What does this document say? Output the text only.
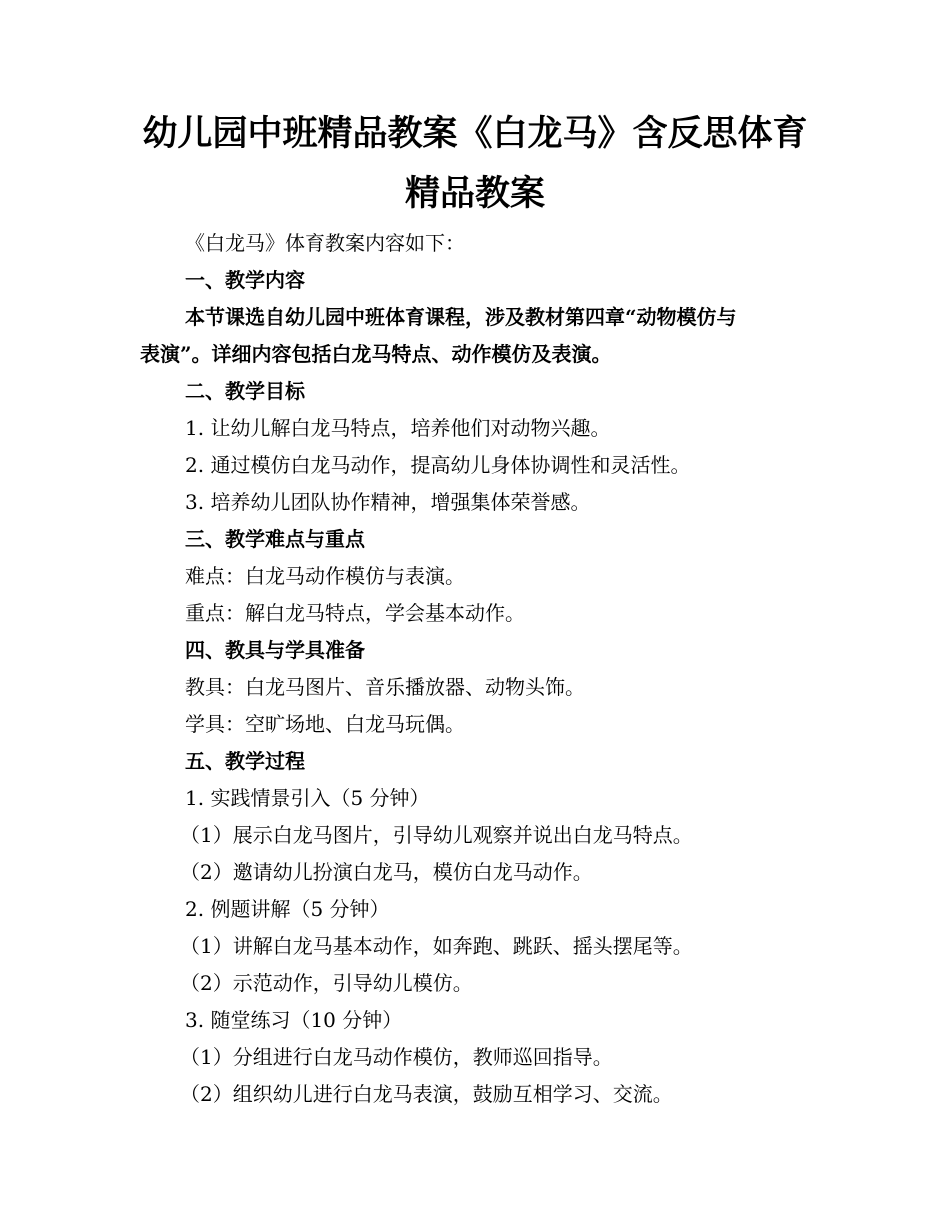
幼儿园中班精品教案《白龙马》含反思体育
精品教案
《白龙马》体育教案内容如下：
一、教学内容
本节课选自幼儿园中班体育课程，涉及教材第四章“动物模仿与
表演”。详细内容包括白龙马特点、动作模仿及表演。
二、教学目标
1. 让幼儿解白龙马特点，培养他们对动物兴趣。
2. 通过模仿白龙马动作，提高幼儿身体协调性和灵活性。
3. 培养幼儿团队协作精神，增强集体荣誉感。
三、教学难点与重点
难点：白龙马动作模仿与表演。
重点：解白龙马特点，学会基本动作。
四、教具与学具准备
教具：白龙马图片、音乐播放器、动物头饰。
学具：空旷场地、白龙马玩偶。
五、教学过程
1. 实践情景引入（5 分钟）
（1）展示白龙马图片，引导幼儿观察并说出白龙马特点。
（2）邀请幼儿扮演白龙马，模仿白龙马动作。
2. 例题讲解（5 分钟）
（1）讲解白龙马基本动作，如奔跑、跳跃、摇头摆尾等。
（2）示范动作，引导幼儿模仿。
3. 随堂练习（10 分钟）
（1）分组进行白龙马动作模仿，教师巡回指导。
（2）组织幼儿进行白龙马表演，鼓励互相学习、交流。
